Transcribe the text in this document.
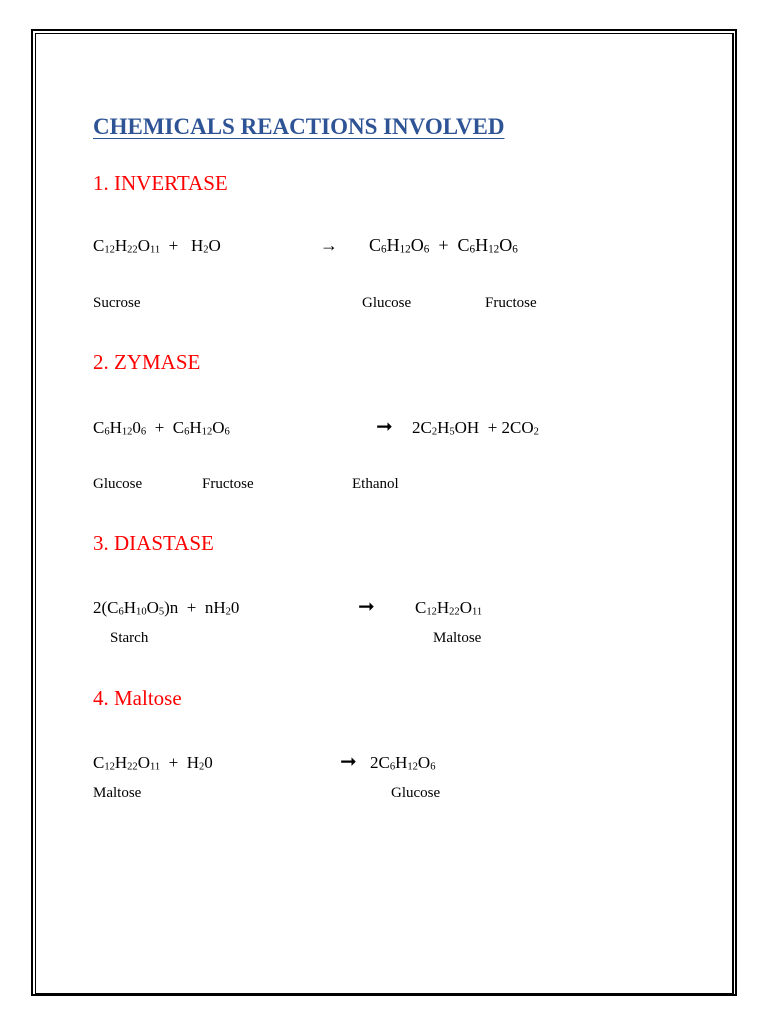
CHEMICALS REACTIONS INVOLVED
1. INVERTASE
$C_{12}H_{22}O_{11} + H_2O$	→ $C_6H_{12}O_6 + C_6H_{12}O_6$
Sucrose	Glucose	Fructose
2. ZYMASE
$C_6H_{12}0_6 + C_6H_{12}O_6$	➞ $2C_2H_5OH + 2CO_2$
Glucose	Fructose	Ethanol
3. DIASTASE
$2(C_6H_{10}O_5)n + nH_20$	➞ $C_{12}H_{22}O_{11}$
Starch	Maltose
4. Maltose
$C_{12}H_{22}O_{11} + H_20$	➞ $2C_6H_{12}O_6$
Maltose	Glucose
